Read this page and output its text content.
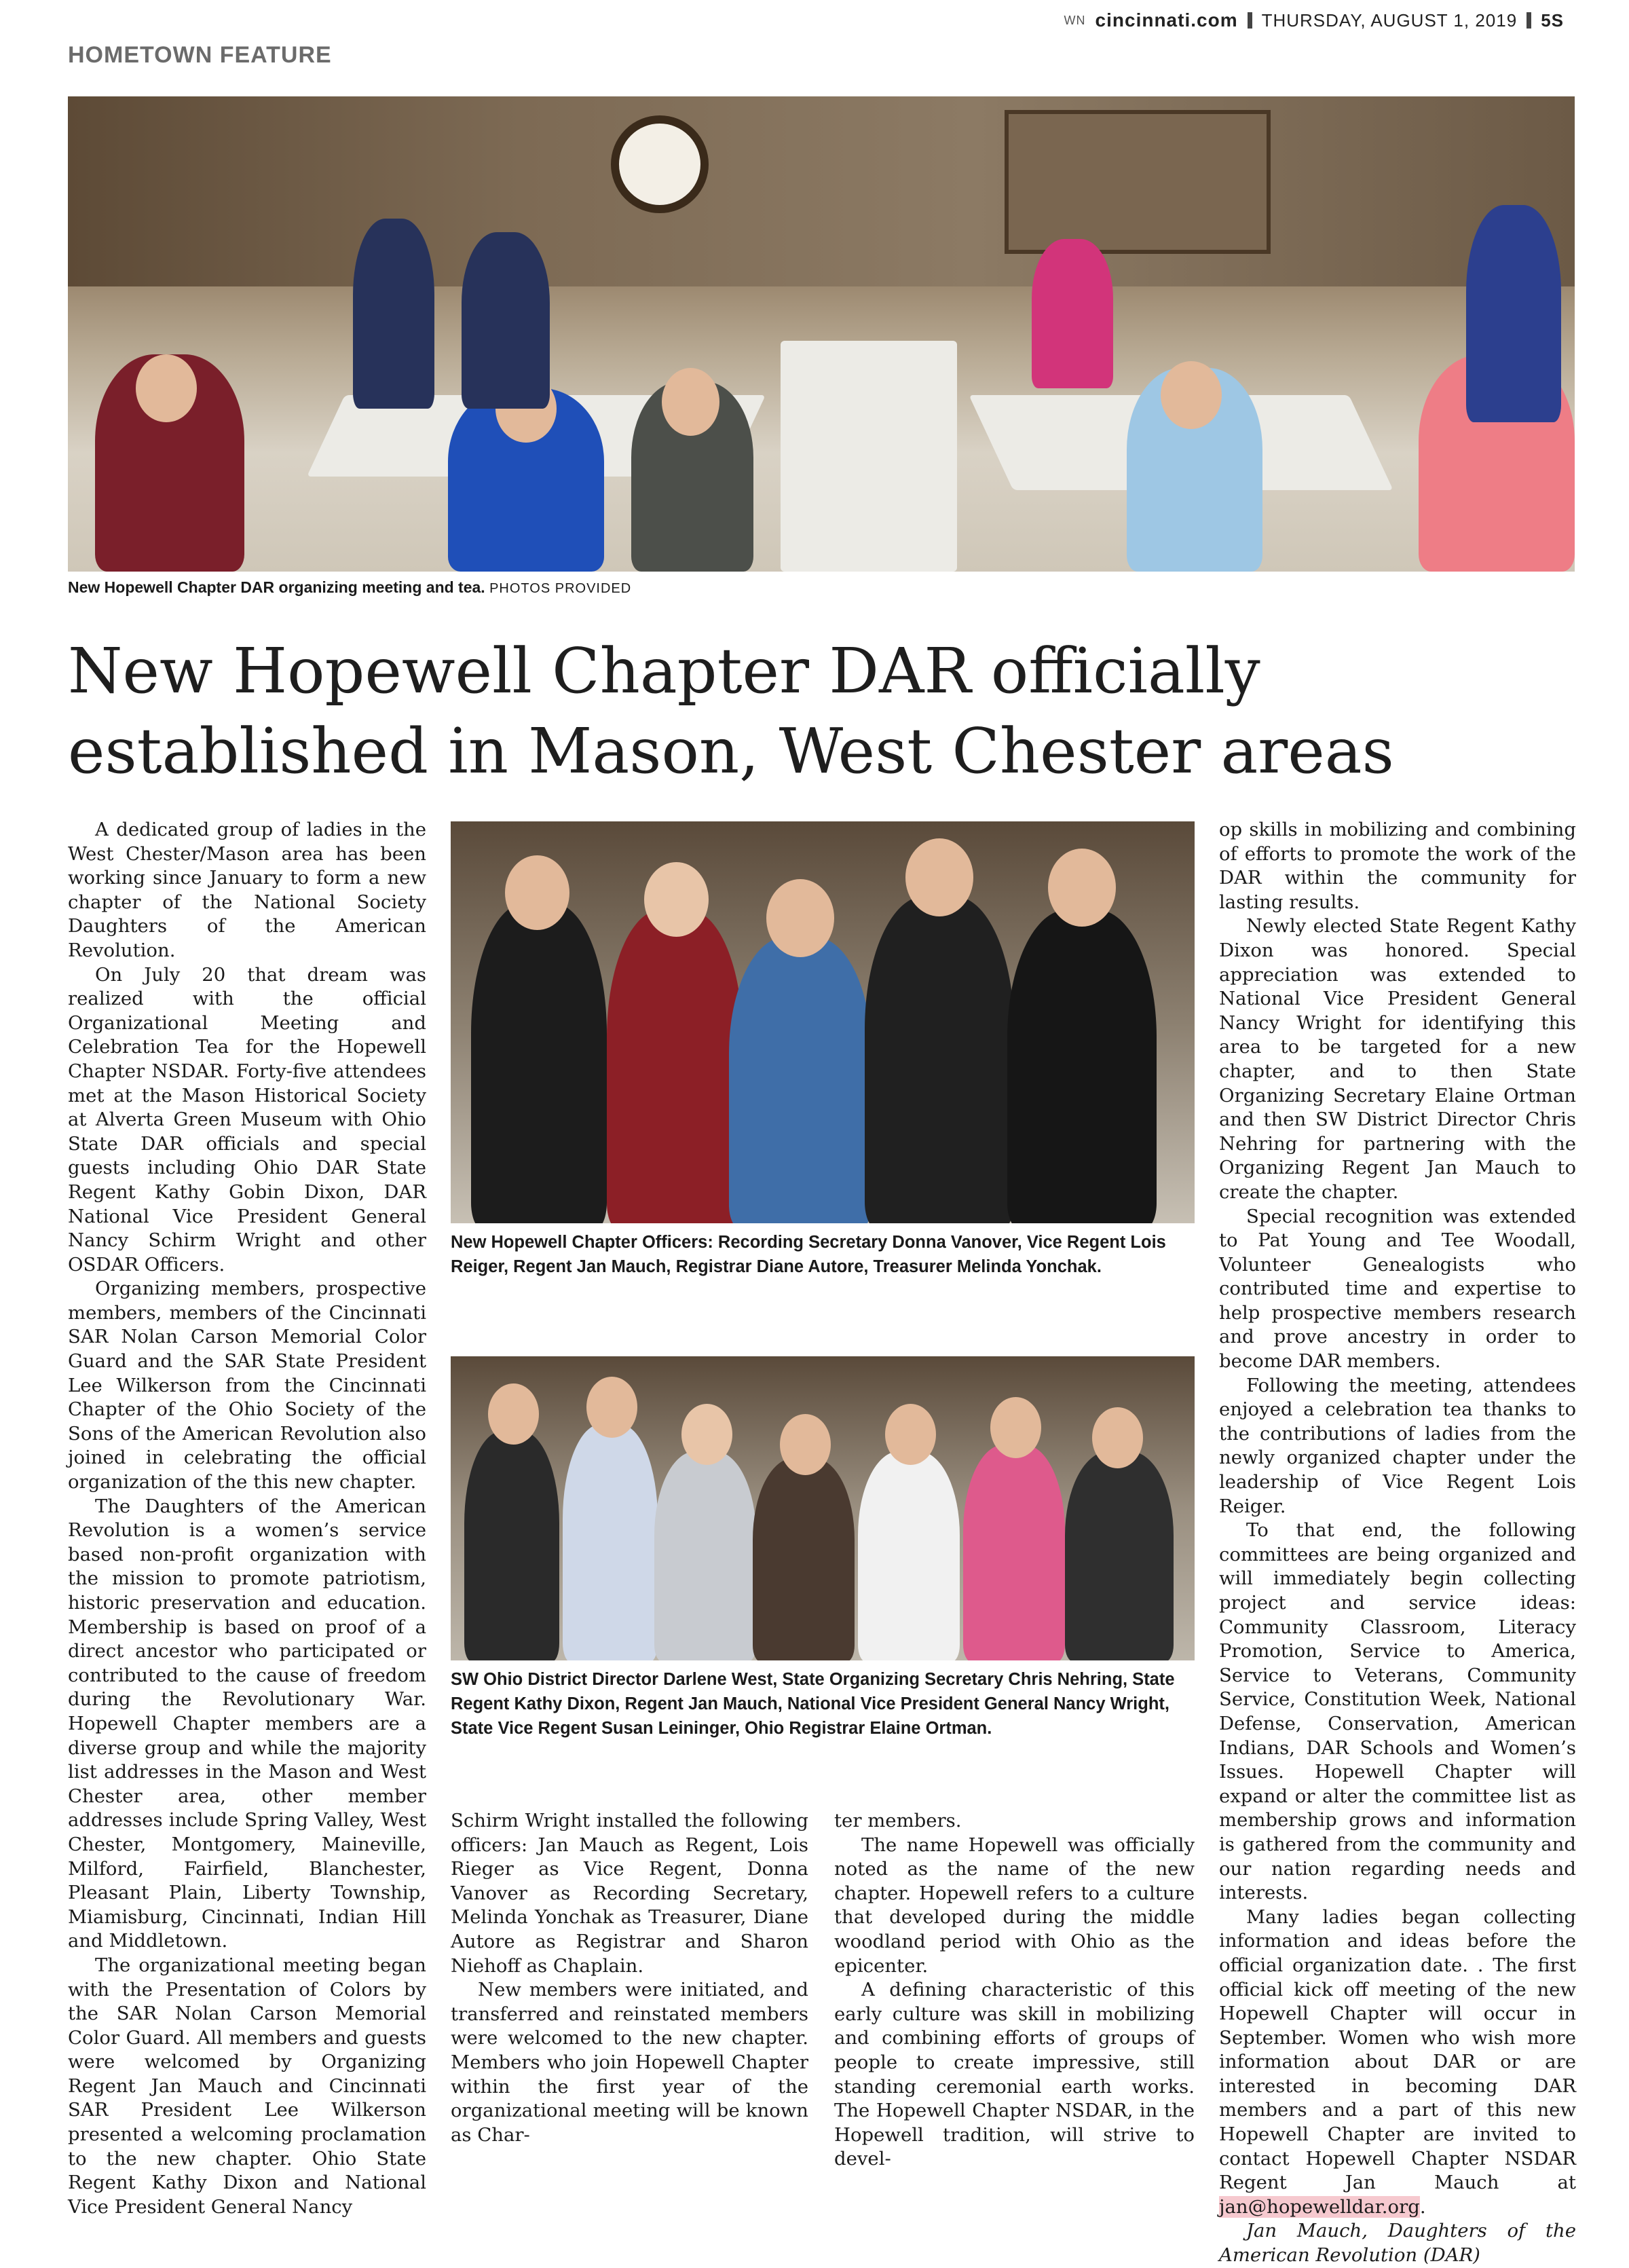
WN cincinnati.com THURSDAY, AUGUST 1, 2019 5S
HOMETOWN FEATURE
New Hopewell Chapter DAR organizing meeting and tea. PHOTOS PROVIDED
New Hopewell Chapter DAR officially
established in Mason, West Chester areas

A dedicated group of ladies in the West Chester/Mason area has been working since January to form a new chapter of the National Society Daughters of the American Revolution.

On July 20 that dream was realized with the official Organizational Meeting and Celebration Tea for the Hopewell Chapter NSDAR. Forty-five attendees met at the Mason Historical Society at Alverta Green Museum with Ohio State DAR officials and special guests including Ohio DAR State Regent Kathy Gobin Dixon, DAR National Vice President General Nancy Schirm Wright and other OSDAR Officers.

Organizing members, prospective members, members of the Cincinnati SAR Nolan Carson Memorial Color Guard and the SAR State President Lee Wilkerson from the Cincinnati Chapter of the Ohio Society of the Sons of the American Revolution also joined in celebrating the official organization of the this new chapter.

The Daughters of the American Revolution is a women’s service based non-profit organization with the mission to promote patriotism, historic preservation and education. Membership is based on proof of a direct ancestor who participated or contributed to the cause of freedom during the Revolutionary War. Hopewell Chapter members are a diverse group and while the majority list addresses in the Mason and West Chester area, other member addresses include Spring Valley, West Chester, Montgomery, Maineville, Milford, Fairfield, Blanchester, Pleasant Plain, Liberty Township, Miamisburg, Cincinnati, Indian Hill and Middletown.

The organizational meeting began with the Presentation of Colors by the SAR Nolan Carson Memorial Color Guard. All members and guests were welcomed by Organizing Regent Jan Mauch and Cincinnati SAR President Lee Wilkerson presented a welcoming proclamation to the new chapter. Ohio State Regent Kathy Dixon and National Vice President General Nancy

New Hopewell Chapter Officers: Recording Secretary Donna Vanover, Vice Regent Lois Reiger, Regent Jan Mauch, Registrar Diane Autore, Treasurer Melinda Yonchak.
SW Ohio District Director Darlene West, State Organizing Secretary Chris Nehring, State Regent Kathy Dixon, Regent Jan Mauch, National Vice President General Nancy Wright, State Vice Regent Susan Leininger, Ohio Registrar Elaine Ortman.

Schirm Wright installed the following officers: Jan Mauch as Regent, Lois Rieger as Vice Regent, Donna Vanover as Recording Secretary, Melinda Yonchak as Treasurer, Diane Autore as Registrar and Sharon Niehoff as Chaplain.

New members were initiated, and transferred and reinstated members were welcomed to the new chapter. Members who join Hopewell Chapter within the first year of the organizational meeting will be known as Char-

ter members.

The name Hopewell was officially noted as the name of the new chapter. Hopewell refers to a culture that developed during the middle woodland period with Ohio as the epicenter.

A defining characteristic of this early culture was skill in mobilizing and combining efforts of groups of people to create impressive, still standing ceremonial earth works. The Hopewell Chapter NSDAR, in the Hopewell tradition, will strive to devel-

op skills in mobilizing and combining of efforts to promote the work of the DAR within the community for lasting results.

Newly elected State Regent Kathy Dixon was honored. Special appreciation was extended to National Vice President General Nancy Wright for identifying this area to be targeted for a new chapter, and to then State Organizing Secretary Elaine Ortman and then SW District Director Chris Nehring for partnering with the Organizing Regent Jan Mauch to create the chapter.

Special recognition was extended to Pat Young and Tee Woodall, Volunteer Genealogists who contributed time and expertise to help prospective members research and prove ancestry in order to become DAR members.

Following the meeting, attendees enjoyed a celebration tea thanks to the contributions of ladies from the newly organized chapter under the leadership of Vice Regent Lois Reiger.

To that end, the following committees are being organized and will immediately begin collecting project and service ideas: Community Classroom, Literacy Promotion, Service to America, Service to Veterans, Community Service, Constitution Week, National Defense, Conservation, American Indians, DAR Schools and Women’s Issues. Hopewell Chapter will expand or alter the committee list as membership grows and information is gathered from the community and our nation regarding needs and interests.

Many ladies began collecting information and ideas before the official organization date. . The first official kick off meeting of the new Hopewell Chapter will occur in September. Women who wish more information about DAR or are interested in becoming DAR members and a part of this new Hopewell Chapter are invited to contact Hopewell Chapter NSDAR Regent Jan Mauch at jan@hopewelldar.org.

Jan Mauch, Daughters of the American Revolution (DAR)
